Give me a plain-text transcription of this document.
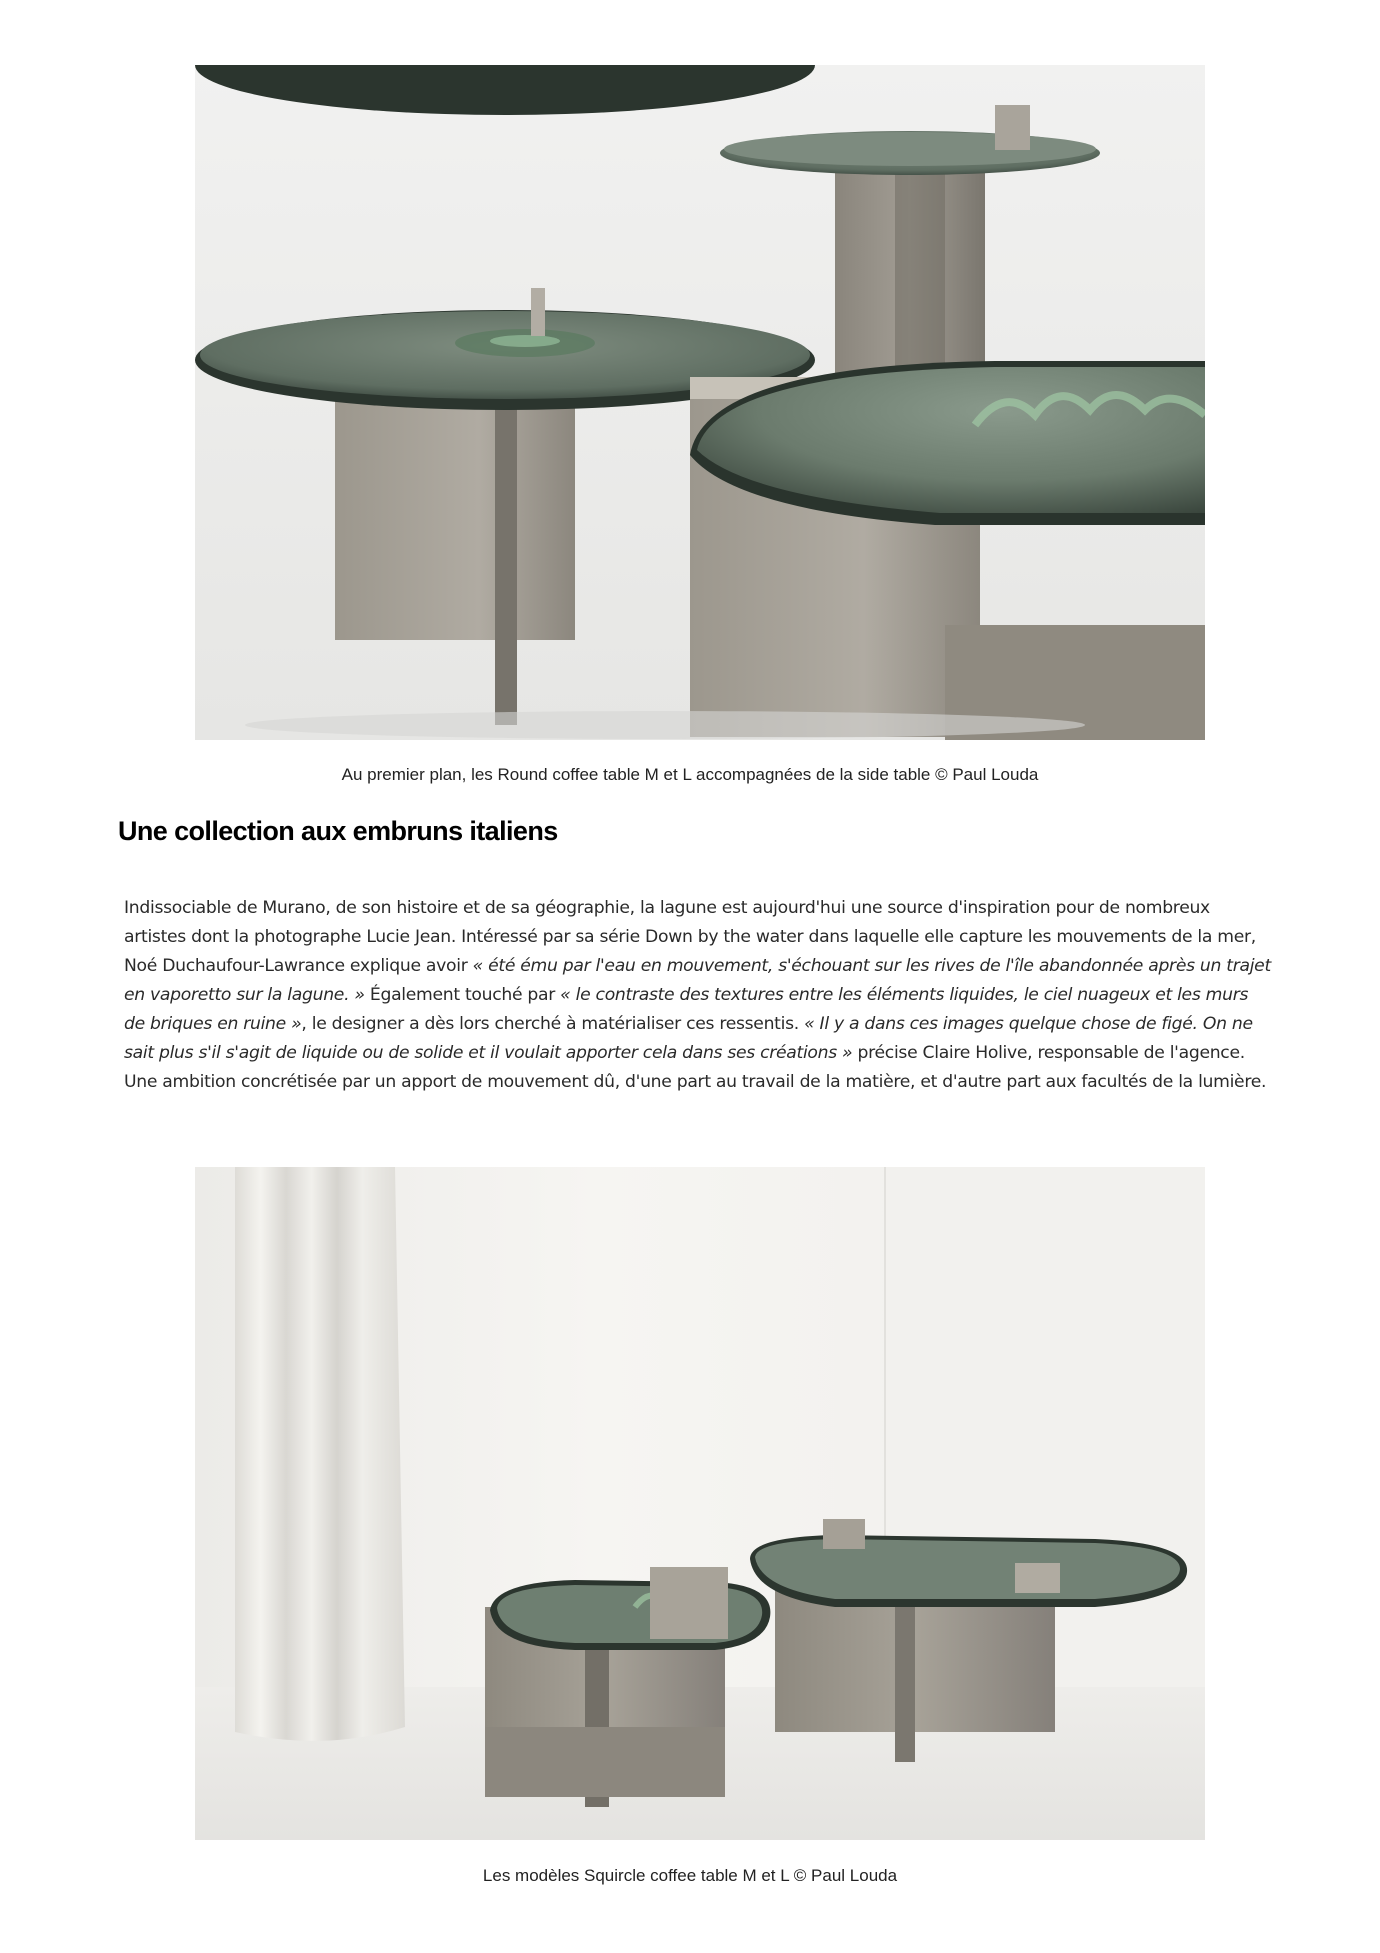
Au premier plan, les Round coffee table M et L accompagnées de la side table © Paul Louda
Une collection aux embruns italiens

Indissociable de Murano, de son histoire et de sa géographie, la lagune est aujourd'hui une source d'inspiration pour de nombreux artistes dont la photographe Lucie Jean. Intéressé par sa série Down by the water dans laquelle elle capture les mouvements de la mer, Noé Duchaufour-Lawrance explique avoir « été ému par l'eau en mouvement, s'échouant sur les rives de l'île abandonnée après un trajet en vaporetto sur la lagune. » Également touché par « le contraste des textures entre les éléments liquides, le ciel nuageux et les murs de briques en ruine », le designer a dès lors cherché à matérialiser ces ressentis. « Il y a dans ces images quelque chose de figé. On ne sait plus s'il s'agit de liquide ou de solide et il voulait apporter cela dans ses créations » précise Claire Holive, responsable de l'agence. Une ambition concrétisée par un apport de mouvement dû, d'une part au travail de la matière, et d'autre part aux facultés de la lumière.

Les modèles Squircle coffee table M et L © Paul Louda
